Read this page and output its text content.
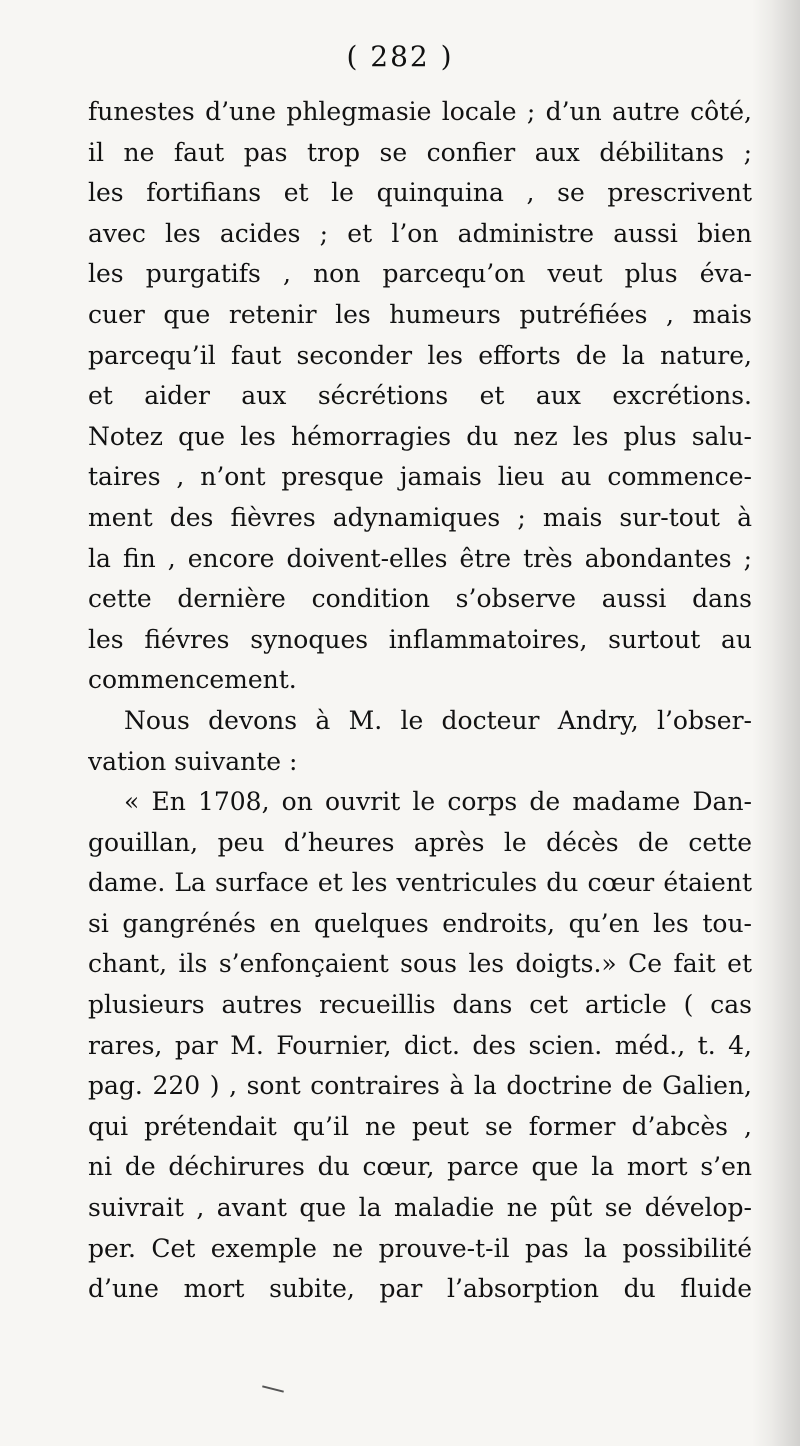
( 282 )
funestes d’une phlegmasie locale ; d’un autre côté,
il ne faut pas trop se confier aux débilitans ;
les fortifians et le quinquina , se prescrivent
avec les acides ; et l’on administre aussi bien
les purgatifs , non parcequ’on veut plus éva-
cuer que retenir les humeurs putréfiées , mais
parcequ’il faut seconder les efforts de la nature,
et aider aux sécrétions et aux excrétions.
Notez que les hémorragies du nez les plus salu-
taires , n’ont presque jamais lieu au commence-
ment des fièvres adynamiques ; mais sur-tout à
la fin , encore doivent-elles être très abondantes ;
cette dernière condition s’observe aussi dans
les fiévres synoques inflammatoires, surtout au
commencement.
Nous devons à M. le docteur Andry, l’obser-
vation suivante :
« En 1708, on ouvrit le corps de madame Dan-
gouillan, peu d’heures après le décès de cette
dame. La surface et les ventricules du cœur étaient
si gangrénés en quelques endroits, qu’en les tou-
chant, ils s’enfonçaient sous les doigts.» Ce fait et
plusieurs autres recueillis dans cet article ( cas
rares, par M. Fournier, dict. des scien. méd., t. 4,
pag. 220 ) , sont contraires à la doctrine de Galien,
qui prétendait qu’il ne peut se former d’abcès ,
ni de déchirures du cœur, parce que la mort s’en
suivrait , avant que la maladie ne pût se dévelop-
per. Cet exemple ne prouve-t-il pas la possibilité
d’une mort subite, par l’absorption du fluide
